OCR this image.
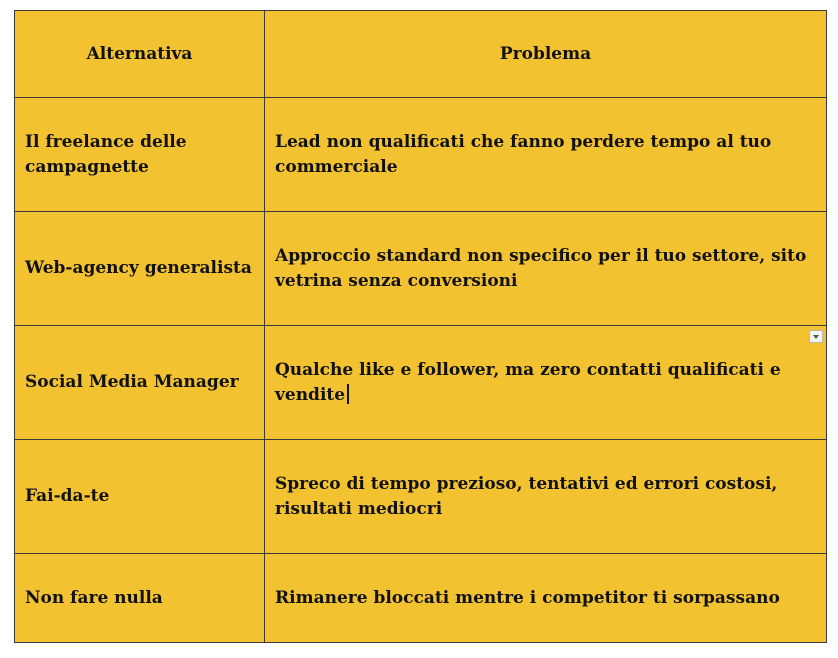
Alternativa	Problema
Il freelance delle campagnette	Lead non qualificati che fanno perdere tempo al tuo commerciale
Web-agency generalista	Approccio standard non specifico per il tuo settore, sito vetrina senza conversioni
Social Media Manager	Qualche like e follower, ma zero contatti qualificati e vendite

Fai-da-te	Spreco di tempo prezioso, tentativi ed errori costosi, risultati mediocri
Non fare nulla	Rimanere bloccati mentre i competitor ti sorpassano
